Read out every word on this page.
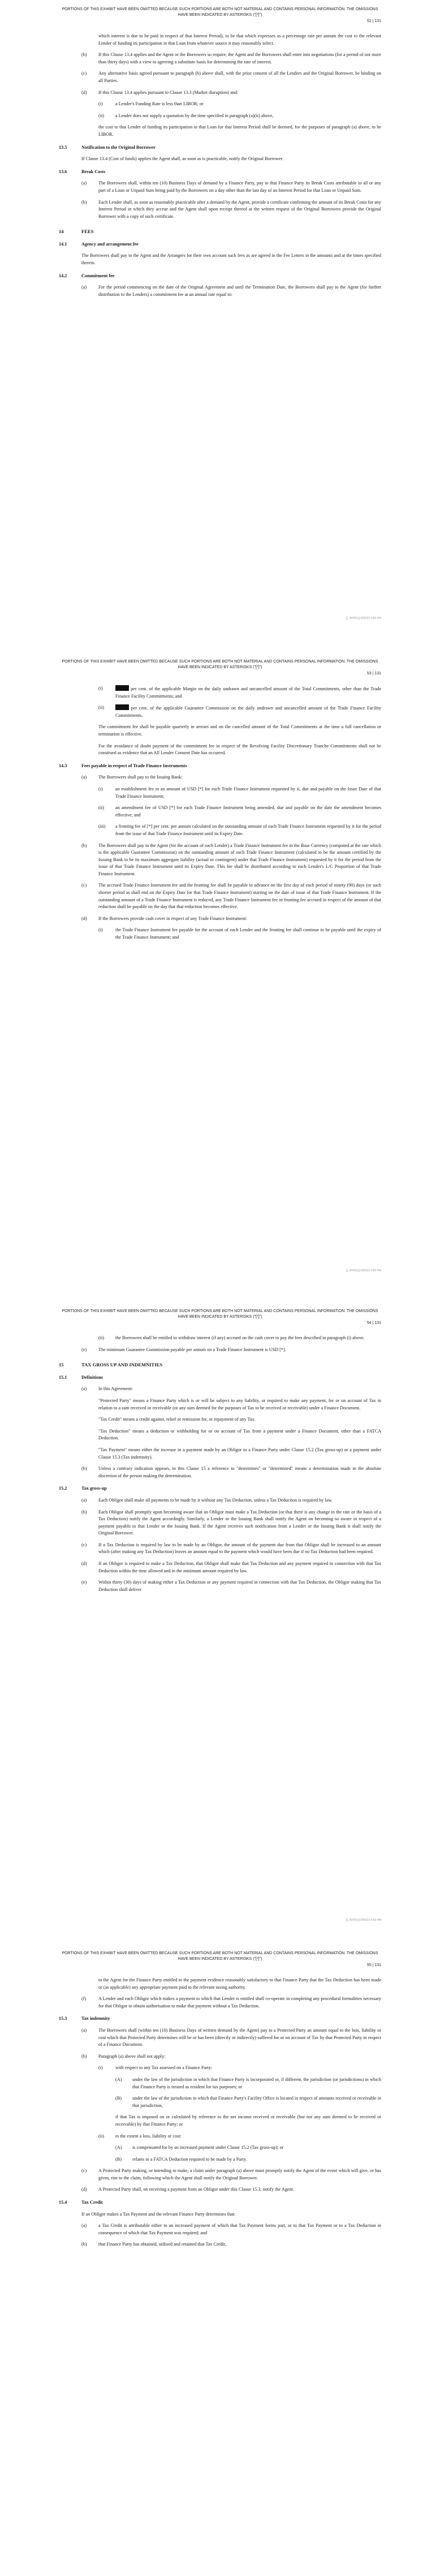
PORTIONS OF THIS EXHIBIT HAVE BEEN OMITTED BECAUSE SUCH PORTIONS ARE BOTH NOT MATERIAL AND CONTAINS PERSONAL INFORMATION. THE OMISSIONS HAVE BEEN INDICATED BY ASTERISKS ("[*]")
52 | 131

which interest is due to be paid in respect of that Interest Period), to be that which expresses as a percentage rate per annum the cost to the relevant Lender of funding its participation in that Loan from whatever source it may reasonably select.

(b)	If this Clause 13.4 applies and the Agent or the Borrowers so require, the Agent and the Borrowers shall enter into negotiations (for a period of not more than thirty days) with a view to agreeing a substitute basis for determining the rate of interest.
(c)	Any alternative basis agreed pursuant to paragraph (b) above shall, with the prior consent of all the Lenders and the Original Borrower, be binding on all Parties.
(d)	If this Clause 13.4 applies pursuant to Clause 13.3 (Market disruption) and:
(i)	a Lender's Funding Rate is less than LIBOR; or
(ii)	a Lender does not supply a quotation by the time specified in paragraph (a)(ii) above,

the cost to that Lender of funding its participation in that Loan for that Interest Period shall be deemed, for the purposes of paragraph (a) above, to be LIBOR.

13.5	Notification to the Original Borrower

If Clause 13.4 (Cost of funds) applies the Agent shall, as soon as is practicable, notify the Original Borrower.

13.6	Break Costs
(a)	The Borrowers shall, within ten (10) Business Days of demand by a Finance Party, pay to that Finance Party its Break Costs attributable to all or any part of a Loan or Unpaid Sum being paid by the Borrowers on a day other than the last day of an Interest Period for that Loan or Unpaid Sum.
(b)	Each Lender shall, as soon as reasonably practicable after a demand by the Agent, provide a certificate confirming the amount of its Break Costs for any Interest Period in which they accrue and the Agent shall upon receipt thereof at the written request of the Original Borrowers provide the Original Borrower with a copy of such certificate.
14	FEES
14.1	Agency and arrangement fee

The Borrowers shall pay to the Agent and the Arrangers for their own account such fees as are agreed in the Fee Letters in the amounts and at the times specified therein.

14.2	Commitment fee
(a)	For the period commencing on the date of the Original Agreement and until the Termination Date, the Borrowers shall pay to the Agent (for further distribution to the Lenders) a commitment fee at an annual rate equal to:
[[_4XFDL]] 9/06/23 4:50 PM
PORTIONS OF THIS EXHIBIT HAVE BEEN OMITTED BECAUSE SUCH PORTIONS ARE BOTH NOT MATERIAL AND CONTAINS PERSONAL INFORMATION. THE OMISSIONS HAVE BEEN INDICATED BY ASTERISKS ("[*]")
53 | 131
(i)	per cent. of the applicable Margin on the daily undrawn and uncancelled amount of the Total Commitments, other than the Trade Finance Facility Commitments; and
(ii)	per cent. of the applicable Guarantee Commission on the daily undrawn and uncancelled amount of the Trade Finance Facility Commitments.

The commitment fee shall be payable quarterly in arrears and on the cancelled amount of the Total Commitments at the time a full cancellation or termination is effective.

For the avoidance of doubt payment of the commitment fee in respect of the Revolving Facility Discretionary Tranche Commitments shall not be construed as evidence that an All Lender Consent Date has occurred.

14.3	Fees payable in respect of Trade Finance Instruments
(a)	The Borrowers shall pay to the Issuing Bank:
(i)	an establishment fee in an amount of USD [*] for each Trade Finance Instrument requested by it, due and payable on the Issue Date of that Trade Finance Instrument;
(ii)	an amendment fee of USD [*] for each Trade Finance Instrument being amended, due and payable on the date the amendment becomes effective; and
(iii)	a fronting fee of [*] per cent. per annum calculated on the outstanding amount of each Trade Finance Instrument requested by it for the period from the issue of that Trade Finance Instrument until its Expiry Date.
(b)	The Borrowers shall pay to the Agent (for the account of each Lender) a Trade Finance Instrument fee in the Base Currency (computed at the rate which is the applicable Guarantee Commission) on the outstanding amount of each Trade Finance Instrument (calculated to be the amount certified by the Issuing Bank to be its maximum aggregate liability (actual or contingent) under that Trade Finance Instrument) requested by it for the period from the issue of that Trade Finance Instrument until its Expiry Date. This fee shall be distributed according to each Lender's L/C Proportion of that Trade Finance Instrument.
(c)	The accrued Trade Finance Instrument fee and the fronting fee shall be payable in advance on the first day of each period of ninety (90) days (or such shorter period as shall end on the Expiry Date for that Trade Finance Instrument) starting on the date of issue of that Trade Finance Instrument. If the outstanding amount of a Trade Finance Instrument is reduced, any Trade Finance Instrument fee or fronting fee accrued in respect of the amount of that reduction shall be payable on the day that that reduction becomes effective.
(d)	If the Borrowers provide cash cover in respect of any Trade Finance Instrument:
(i)	the Trade Finance Instrument fee payable for the account of each Lender and the fronting fee shall continue to be payable until the expiry of the Trade Finance Instrument; and
[[_4XFDL]] 9/06/23 4:50 PM
PORTIONS OF THIS EXHIBIT HAVE BEEN OMITTED BECAUSE SUCH PORTIONS ARE BOTH NOT MATERIAL AND CONTAINS PERSONAL INFORMATION. THE OMISSIONS HAVE BEEN INDICATED BY ASTERISKS ("[*]")
54 | 131
(ii)	the Borrowers shall be entitled to withdraw interest (if any) accrued on the cash cover to pay the fees described in paragraph (i) above.
(e)	The minimum Guarantee Commission payable per annum on a Trade Finance Instrument is USD [*].
15	TAX GROSS UP AND INDEMNITIES
15.1	Definitions
(a)	In this Agreement:

"Protected Party" means a Finance Party which is or will be subject to any liability, or required to make any payment, for or on account of Tax in relation to a sum received or receivable (or any sum deemed for the purposes of Tax to be received or receivable) under a Finance Document.

"Tax Credit" means a credit against, relief or remission for, or repayment of any Tax.

"Tax Deduction" means a deduction or withholding for or on account of Tax from a payment under a Finance Document, other than a FATCA Deduction.

"Tax Payment" means either the increase in a payment made by an Obligor to a Finance Party under Clause 15.2 (Tax gross-up) or a payment under Clause 15.3 (Tax indemnity).

(b)	Unless a contrary indication appears, in this Clause 15 a reference to "determines" or "determined" means a determination made in the absolute discretion of the person making the determination.
15.2	Tax gross-up
(a)	Each Obligor shall make all payments to be made by it without any Tax Deduction, unless a Tax Deduction is required by law.
(b)	Each Obligor shall promptly upon becoming aware that an Obligor must make a Tax Deduction (or that there is any change in the rate or the basis of a Tax Deduction) notify the Agent accordingly. Similarly, a Lender or the Issuing Bank shall notify the Agent on becoming so aware in respect of a payment payable to that Lender or the Issuing Bank. If the Agent receives such notification from a Lender or the Issuing Bank it shall notify the Original Borrower.
(c)	If a Tax Deduction is required by law to be made by an Obligor, the amount of the payment due from that Obligor shall be increased to an amount which (after making any Tax Deduction) leaves an amount equal to the payment which would have been due if no Tax Deduction had been required.
(d)	If an Obligor is required to make a Tax Deduction, that Obligor shall make that Tax Deduction and any payment required in connection with that Tax Deduction within the time allowed and in the minimum amount required by law.
(e)	Within thirty (30) days of making either a Tax Deduction or any payment required in connection with that Tax Deduction, the Obligor making that Tax Deduction shall deliver
[[_4XFDL]] 9/06/23 4:50 PM
PORTIONS OF THIS EXHIBIT HAVE BEEN OMITTED BECAUSE SUCH PORTIONS ARE BOTH NOT MATERIAL AND CONTAINS PERSONAL INFORMATION. THE OMISSIONS HAVE BEEN INDICATED BY ASTERISKS ("[*]")
55 | 131

to the Agent for the Finance Party entitled to the payment evidence reasonably satisfactory to that Finance Party that the Tax Deduction has been made or (as applicable) any appropriate payment paid to the relevant taxing authority.

(f)	A Lender and each Obligor which makes a payment to which that Lender is entitled shall co-operate in completing any procedural formalities necessary for that Obligor to obtain authorisation to make that payment without a Tax Deduction.
15.3	Tax indemnity
(a)	The Borrowers shall (within ten (10) Business Days of written demand by the Agent) pay to a Protected Party an amount equal to the loss, liability or cost which that Protected Party determines will be or has been (directly or indirectly) suffered for or on account of Tax by that Protected Party in respect of a Finance Document.
(b)	Paragraph (a) above shall not apply:
(i)	with respect to any Tax assessed on a Finance Party:
(A)	under the law of the jurisdiction in which that Finance Party is incorporated or, if different, the jurisdiction (or jurisdictions) in which that Finance Party is treated as resident for tax purposes; or
(B)	under the law of the jurisdiction in which that Finance Party's Facility Office is located in respect of amounts received or receivable in that jurisdiction,

if that Tax is imposed on or calculated by reference to the net income received or receivable (but not any sum deemed to be received or receivable) by that Finance Party; or

(ii)	to the extent a loss, liability or cost:
(A)	is compensated for by an increased payment under Clause 15.2 (Tax gross-up); or
(B)	relates to a FATCA Deduction required to be made by a Party.
(c)	A Protected Party making, or intending to make, a claim under paragraph (a) above must promptly notify the Agent of the event which will give, or has given, rise to the claim, following which the Agent shall notify the Original Borrower.
(d)	A Protected Party shall, on receiving a payment from an Obligor under this Clause 15.3, notify the Agent.
15.4	Tax Credit

If an Obligor makes a Tax Payment and the relevant Finance Party determines that:

(a)	a Tax Credit is attributable either to an increased payment of which that Tax Payment forms part, or to that Tax Payment or to a Tax Deduction in consequence of which that Tax Payment was required; and
(b)	that Finance Party has obtained, utilised and retained that Tax Credit,
